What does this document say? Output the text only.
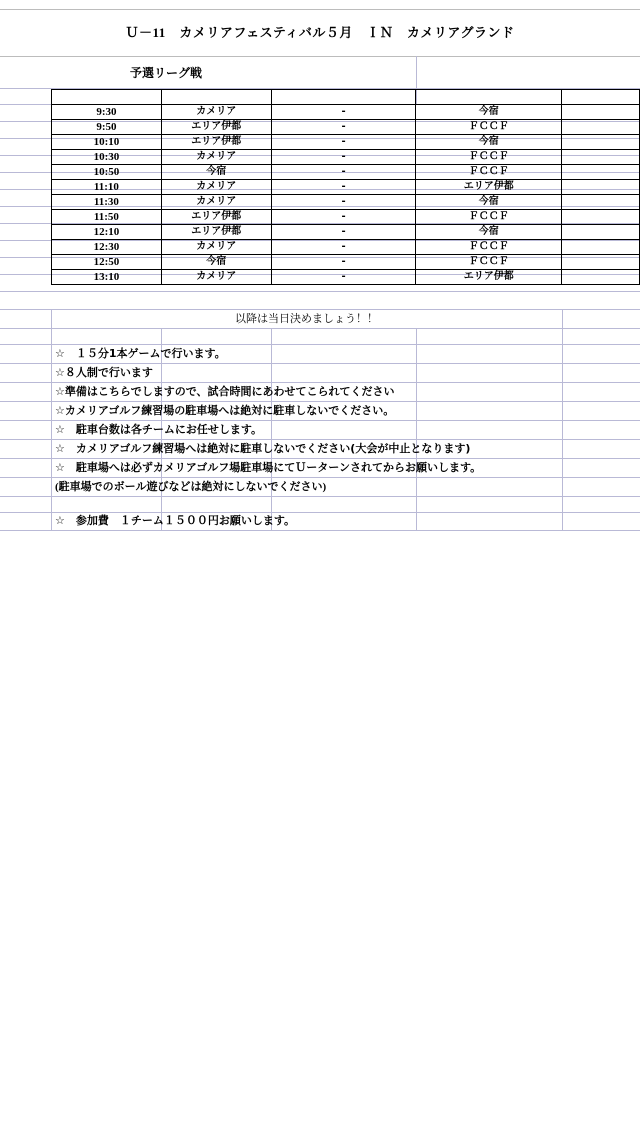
Ｕ－11　カメリアフェスティバル５月　ＩＮ　カメリアグランド
予選リーグ戦

9:30	カメリア	-	今宿	
9:50	エリア伊都	-	ＦＣＣＦ	
10:10	エリア伊都	-	今宿	
10:30	カメリア	-	ＦＣＣＦ	
10:50	今宿	-	ＦＣＣＦ	
11:10	カメリア	-	エリア伊都	
11:30	カメリア	-	今宿	
11:50	エリア伊都	-	ＦＣＣＦ	
12:10	エリア伊都	-	今宿	
12:30	カメリア	-	ＦＣＣＦ	
12:50	今宿	-	ＦＣＣＦ	
13:10	カメリア	-	エリア伊都	
以降は当日決めましょう！！
☆　１５分1本ゲームで行います。
☆８人制で行います
☆準備はこちらでしますので、試合時間にあわせてこられてください
☆カメリアゴルフ練習場の駐車場へは絶対に駐車しないでください。
☆　駐車台数は各チームにお任せします。
☆　カメリアゴルフ練習場へは絶対に駐車しないでください(大会が中止となります)
☆　駐車場へは必ずカメリアゴルフ場駐車場にてＵーターンされてからお願いします。
(駐車場でのボール遊びなどは絶対にしないでください)
☆　参加費　１チーム１５００円お願いします。
